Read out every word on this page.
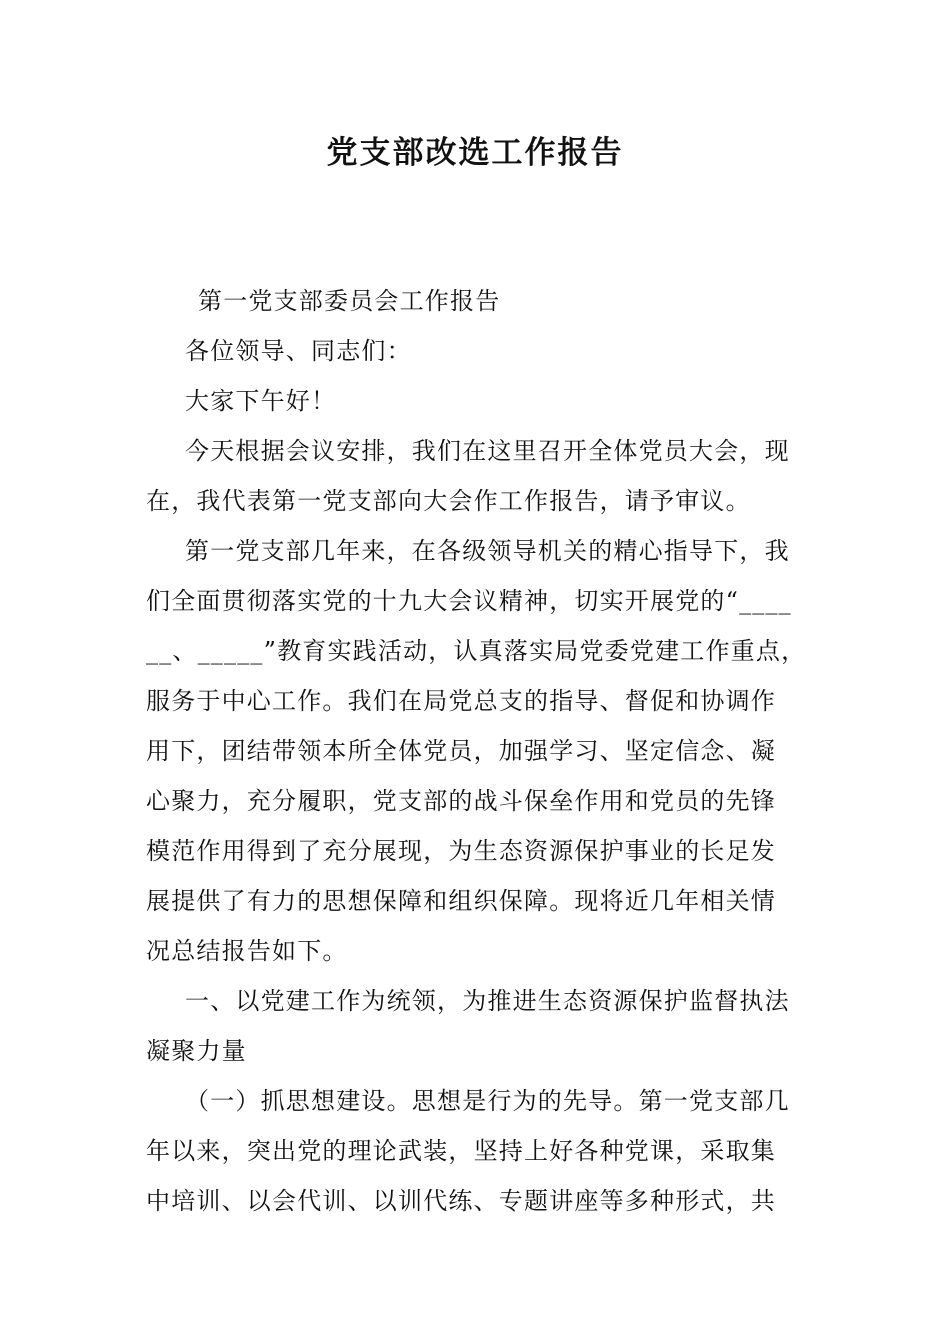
党支部改选工作报告
第一党支部委员会工作报告
各位领导、同志们：
大家下午好！
今天根据会议安排，我们在这里召开全体党员大会，现
在，我代表第一党支部向大会作工作报告，请予审议。
第一党支部几年来，在各级领导机关的精心指导下，我
们全面贯彻落实党的十九大会议精神，切实开展党的“____
__、_____”教育实践活动，认真落实局党委党建工作重点，
服务于中心工作。我们在局党总支的指导、督促和协调作
用下，团结带领本所全体党员，加强学习、坚定信念、凝
心聚力，充分履职，党支部的战斗保垒作用和党员的先锋
模范作用得到了充分展现，为生态资源保护事业的长足发
展提供了有力的思想保障和组织保障。现将近几年相关情
况总结报告如下。
一、以党建工作为统领，为推进生态资源保护监督执法
凝聚力量
（一）抓思想建设。思想是行为的先导。第一党支部几
年以来，突出党的理论武装，坚持上好各种党课，采取集
中培训、以会代训、以训代练、专题讲座等多种形式，共
